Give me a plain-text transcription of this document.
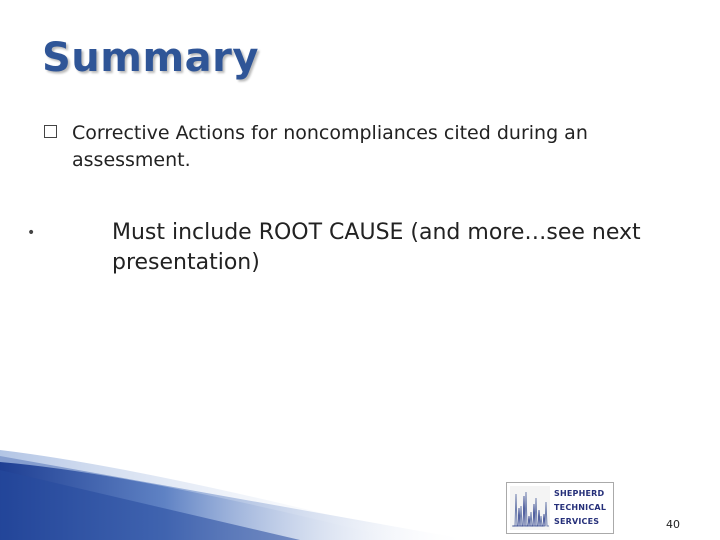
Summary
Corrective Actions for noncompliances cited during an assessment.
•	Must include ROOT CAUSE (and more…see next presentation)
SHEPHERD
TECHNICAL
SERVICES	40
